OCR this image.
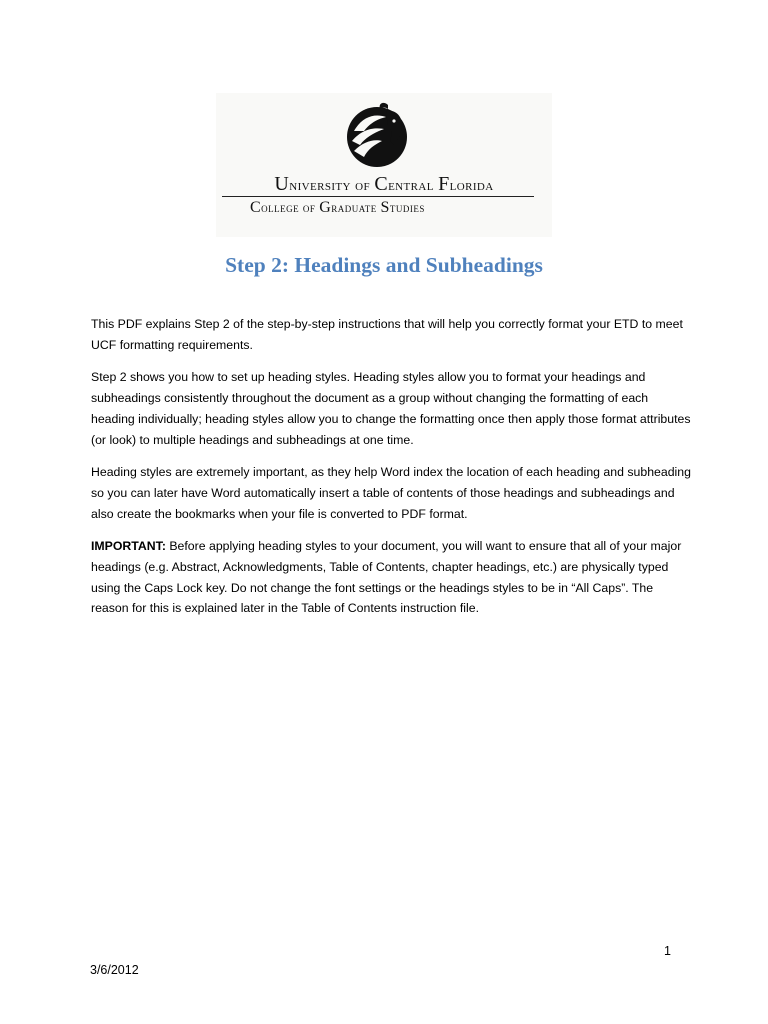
University of Central Florida
College of Graduate Studies
Step 2: Headings and Subheadings

This PDF explains Step 2 of the step-by-step instructions that will help you correctly format your ETD to meet UCF formatting requirements.

Step 2 shows you how to set up heading styles. Heading styles allow you to format your headings and subheadings consistently throughout the document as a group without changing the formatting of each heading individually; heading styles allow you to change the formatting once then apply those format attributes (or look) to multiple headings and subheadings at one time.

Heading styles are extremely important, as they help Word index the location of each heading and subheading so you can later have Word automatically insert a table of contents of those headings and subheadings and also create the bookmarks when your file is converted to PDF format.

IMPORTANT: Before applying heading styles to your document, you will want to ensure that all of your major headings (e.g. Abstract, Acknowledgments, Table of Contents, chapter headings, etc.) are physically typed using the Caps Lock key. Do not change the font settings or the headings styles to be in “All Caps”. The reason for this is explained later in the Table of Contents instruction file.

1
3/6/2012
